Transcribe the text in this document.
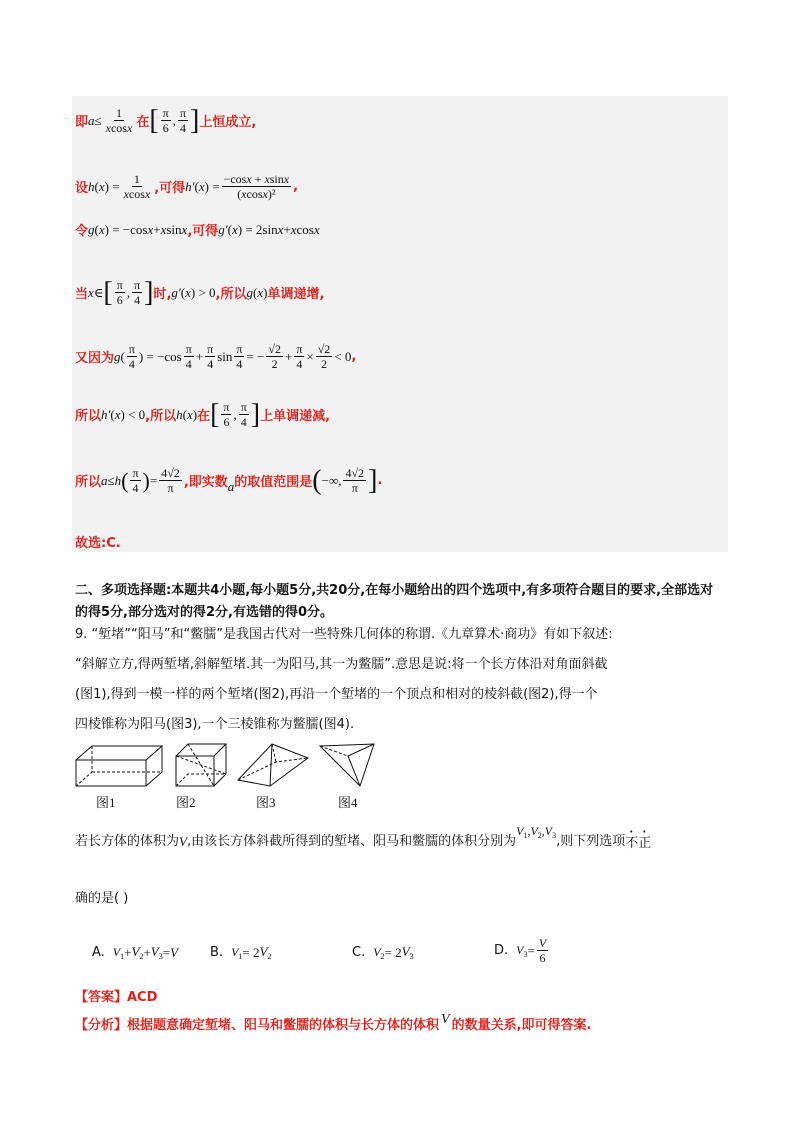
即 $a \le \frac{1}{xcosx}$ 在 [ $\frac{\pi}{6}$ , $\frac{\pi}{4}$ ] 上恒成立,
设 h ( x ) = $\frac{1}{xcosx}$ ,可得 h′ ( x ) = $\frac{-\cos x + xsinx}{\text{(xcosx)²}}$ ,
令 g ( x ) = −cos x + x sin x ,可得 g′ ( x ) = 2sin x + x cos x
当 x ∈ [ $\frac{\pi}{6}$ , $\frac{\pi}{4}$ ] 时, g′ ( x ) > 0 ,所以 g ( x ) 单调递增,
又因为 g ( $\frac{\pi}{4}$ ) = $-\cos \frac{\pi}{4} + \frac{\pi}{4}$ $\sin \frac{\pi}{4}$ = − $\frac{√2}{2} + \frac{\pi}{4} \times \frac{√2}{2} < 0$ ,
所以 h′ ( x ) < 0 ,所以 h ( x ) 在 [ $\frac{\pi}{6}$ , $\frac{\pi}{4}$ ] 上单调递减,
所以 a ≤ h ( $\frac{\pi}{4}$ ) = $\frac{4√2}{\pi}$ ,即实数 a 的取值范围是 ( −∞, $\frac{4√2}{\pi}$ ] .
故选:C.
二、多项选择题:本题共4小题,每小题5分,共20分,在每小题给出的四个选项中,有多项符合题目的要求,全部选对的得5分,部分选对的得2分,有选错的得0分。
9. “堑堵”“阳马”和“鳖臑”是我国古代对一些特殊几何体的称谓.《九章算术·商功》有如下叙述:
“斜解立方,得两堑堵,斜解堑堵.其一为阳马,其一为鳖臑”.意思是说:将一个长方体沿对角面斜截
(图1),得到一模一样的两个堑堵(图2),再沿一个堑堵的一个顶点和相对的棱斜截(图2),得一个
四棱锥称为阳马(图3),一个三棱锥称为鳖臑(图4).
图1	图2	图3	图4
若长方体的体积为 V ,由该长方体斜截所得到的堑堵、阳马和鳖臑的体积分别为
$V_1,V_2,V_3$ ,则下列选项 不正
确的是( )
A. $V_1 + V_2 + V_3 = V$ B. $V_1 = 2$ $V_2$	C. $V_2 = 2$ $V_3$	D. $V_3 = \frac{V}{6}$
【答案】ACD
【分析】根据题意确定堑堵、阳马和鳖臑的体积与长方体的体积 V 的数量关系,即可得答案.
